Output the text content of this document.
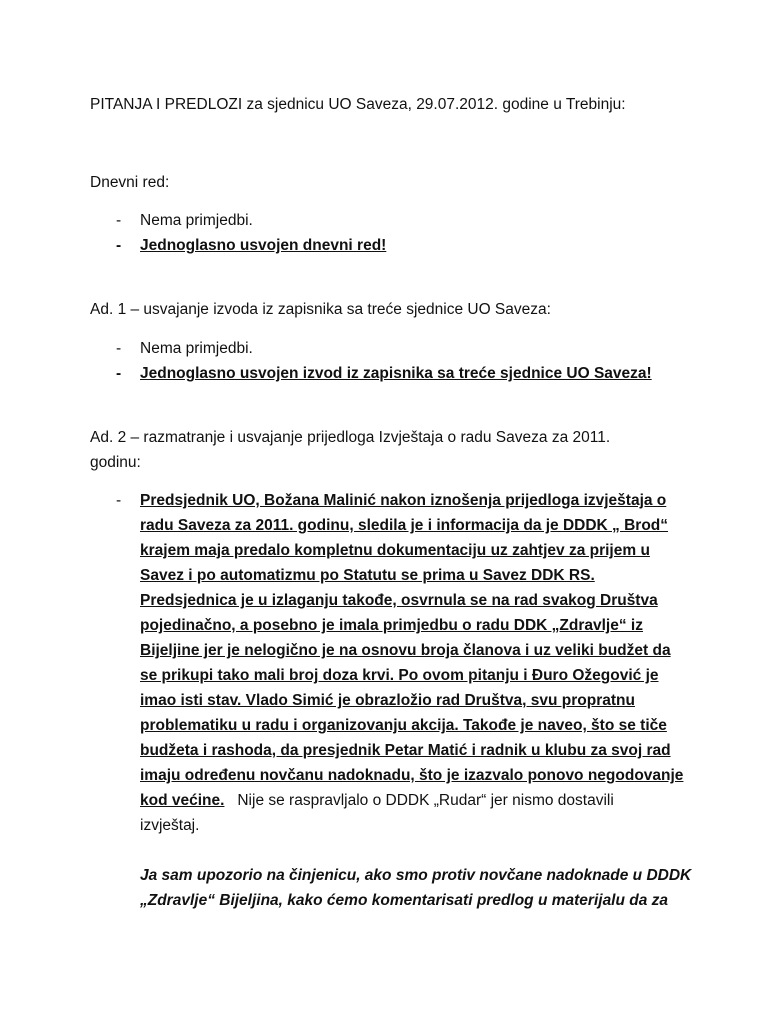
PITANJA I PREDLOZI za sjednicu UO Saveza, 29.07.2012. godine u Trebinju:
Dnevni red:
- Nema primjedbi.
- Jednoglasno usvojen dnevni red!
Ad. 1 – usvajanje izvoda iz zapisnika sa treće sjednice UO Saveza:
- Nema primjedbi.
- Jednoglasno usvojen izvod iz zapisnika sa treće sjednice UO Saveza!
Ad. 2 – razmatranje i usvajanje prijedloga Izvještaja o radu Saveza za 2011.
godinu:
- Predsjednik UO, Božana Malinić nakon iznošenja prijedloga izvještaja o
radu Saveza za 2011. godinu, sledila je i informacija da je DDDK „ Brod“
krajem maja predalo kompletnu dokumentaciju uz zahtjev za prijem u
Savez i po automatizmu po Statutu se prima u Savez DDK RS.
Predsjednica je u izlaganju takođe, osvrnula se na rad svakog Društva
pojedinačno, a posebno je imala primjedbu o radu DDK „Zdravlje“ iz
Bijeljine jer je nelogično je na osnovu broja članova i uz veliki budžet da
se prikupi tako mali broj doza krvi. Po ovom pitanju i Đuro Ožegović je
imao isti stav. Vlado Simić je obrazložio rad Društva, svu propratnu
problematiku u radu i organizovanju akcija. Takođe je naveo, što se tiče
budžeta i rashoda, da presjednik Petar Matić i radnik u klubu za svoj rad
imaju određenu novčanu nadoknadu, što je izazvalo ponovo negodovanje
kod većine.   Nije se raspravljalo o DDDK „Rudar“ jer nismo dostavili
izvještaj.
Ja sam upozorio na činjenicu, ako smo protiv novčane nadoknade u DDDK
„Zdravlje“ Bijeljina, kako ćemo komentarisati predlog u materijalu da za
